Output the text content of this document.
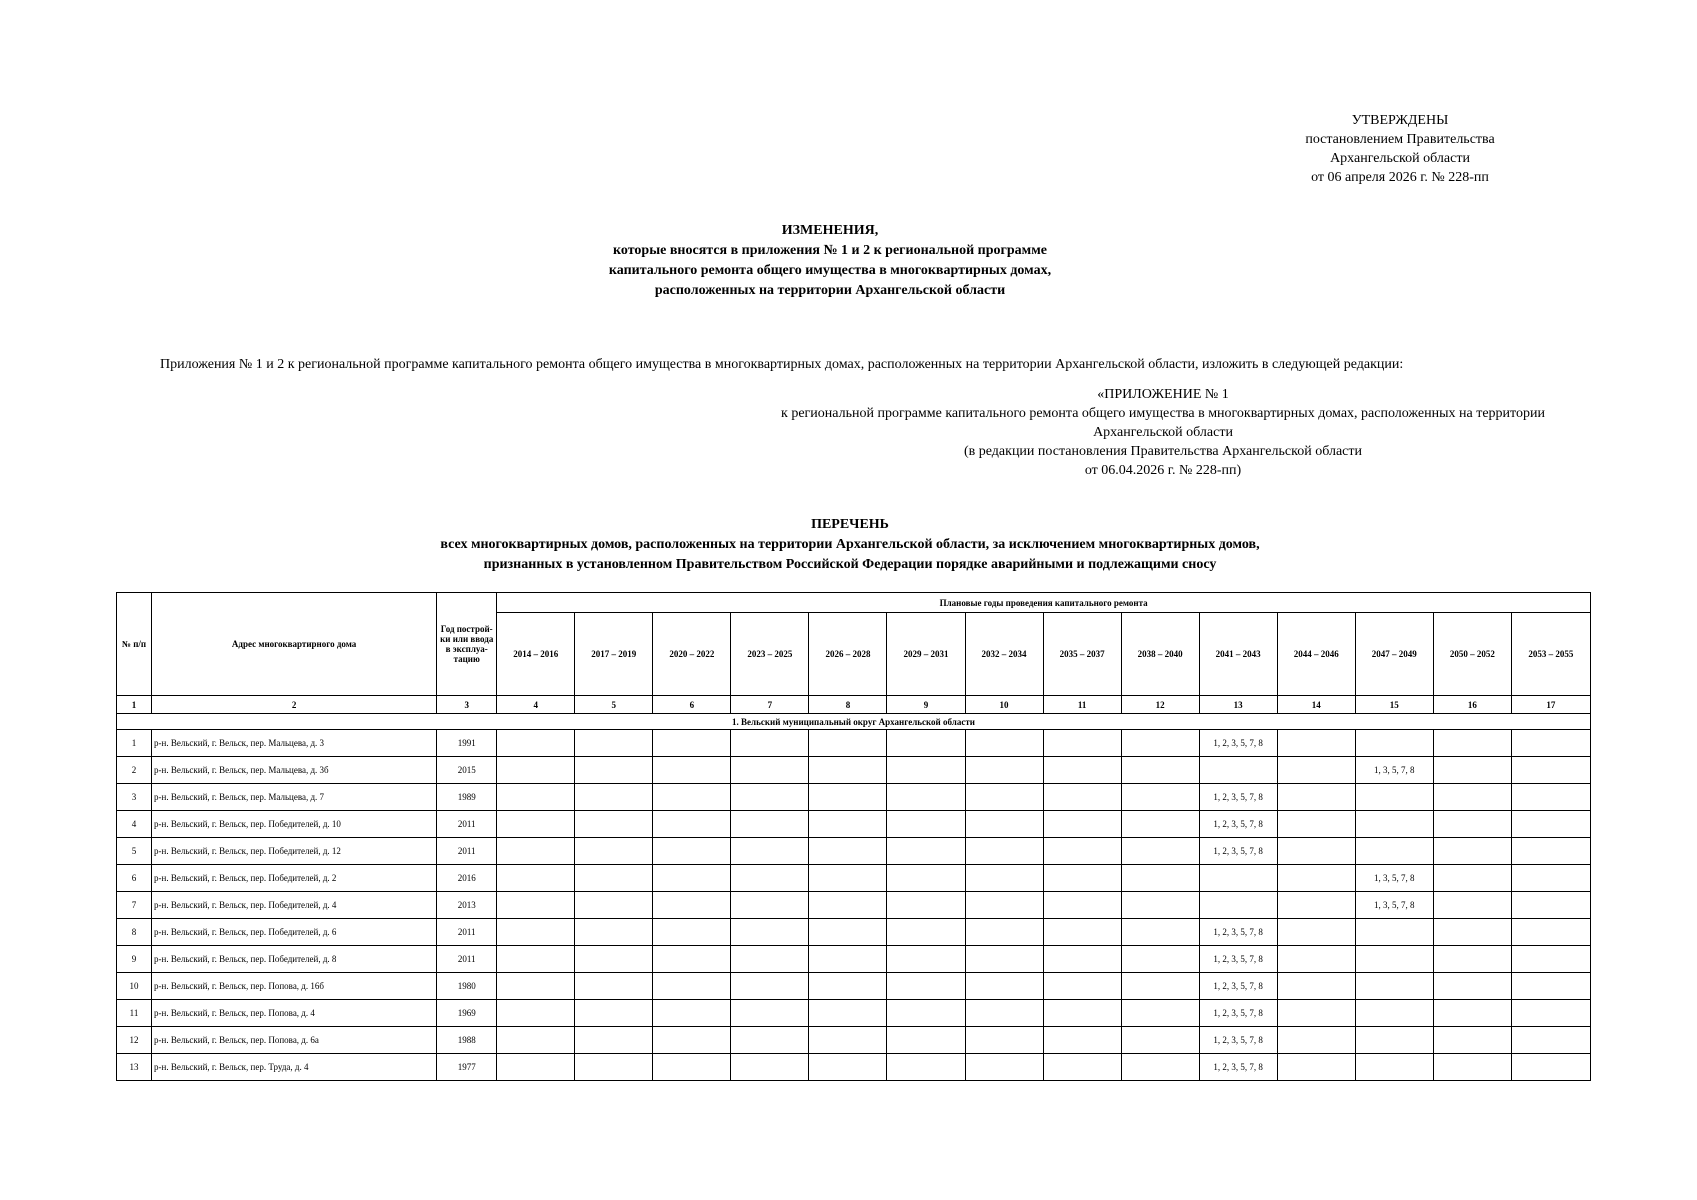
УТВЕРЖДЕНЫ
постановлением Правительства
Архангельской области
от 06 апреля 2026 г. № 228-пп
ИЗМЕНЕНИЯ,
которые вносятся в приложения № 1 и 2 к региональной программе
капитального ремонта общего имущества в многоквартирных домах,
расположенных на территории Архангельской области
Приложения № 1 и 2 к региональной программе капитального ремонта общего имущества в многоквартирных домах, расположенных на территории Архангельской области, изложить в следующей редакции:
«ПРИЛОЖЕНИЕ № 1
к региональной программе капитального ремонта общего имущества в многоквартирных домах, расположенных на территории
Архангельской области
(в редакции постановления Правительства Архангельской области
от 06.04.2026 г. № 228-пп)
ПЕРЕЧЕНЬ
всех многоквартирных домов, расположенных на территории Архангельской области, за исключением многоквартирных домов,
признанных в установленном Правительством Российской Федерации порядке аварийными и подлежащими сносу
№ п/п	Адрес многоквартирного дома	Год построй-ки или ввода в эксплуа-тацию	Плановые годы проведения капитального ремонта													
			2014 – 2016	2017 – 2019	2020 – 2022	2023 – 2025	2026 – 2028	2029 – 2031	2032 – 2034	2035 – 2037	2038 – 2040	2041 – 2043	2044 – 2046	2047 – 2049	2050 – 2052	2053 – 2055
1	2	3	4	5	6	7	8	9	10	11	12	13	14	15	16	17
1. Вельский муниципальный округ Архангельской области																
1	р-н. Вельский, г. Вельск, пер. Мальцева, д. 3	1991										1, 2, 3, 5, 7, 8				
2	р-н. Вельский, г. Вельск, пер. Мальцева, д. 3б	2015												1, 3, 5, 7, 8		
3	р-н. Вельский, г. Вельск, пер. Мальцева, д. 7	1989										1, 2, 3, 5, 7, 8				
4	р-н. Вельский, г. Вельск, пер. Победителей, д. 10	2011										1, 2, 3, 5, 7, 8				
5	р-н. Вельский, г. Вельск, пер. Победителей, д. 12	2011										1, 2, 3, 5, 7, 8				
6	р-н. Вельский, г. Вельск, пер. Победителей, д. 2	2016												1, 3, 5, 7, 8		
7	р-н. Вельский, г. Вельск, пер. Победителей, д. 4	2013												1, 3, 5, 7, 8		
8	р-н. Вельский, г. Вельск, пер. Победителей, д. 6	2011										1, 2, 3, 5, 7, 8				
9	р-н. Вельский, г. Вельск, пер. Победителей, д. 8	2011										1, 2, 3, 5, 7, 8				
10	р-н. Вельский, г. Вельск, пер. Попова, д. 16б	1980										1, 2, 3, 5, 7, 8				
11	р-н. Вельский, г. Вельск, пер. Попова, д. 4	1969										1, 2, 3, 5, 7, 8				
12	р-н. Вельский, г. Вельск, пер. Попова, д. 6а	1988										1, 2, 3, 5, 7, 8				
13	р-н. Вельский, г. Вельск, пер. Труда, д. 4	1977										1, 2, 3, 5, 7, 8				
